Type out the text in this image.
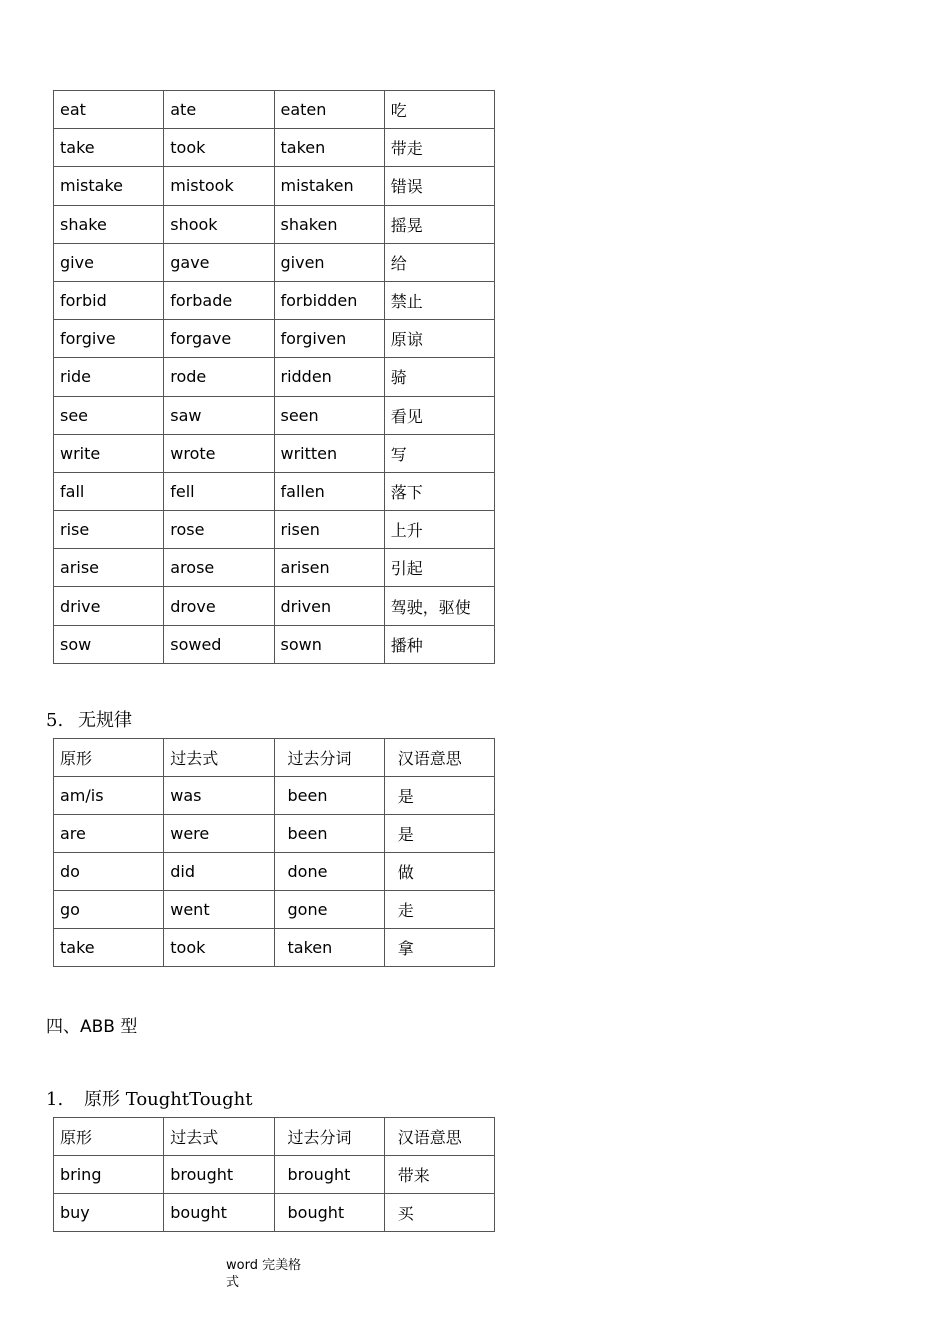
eat	ate	eaten	吃
take	took	taken	带走
mistake	mistook	mistaken	错误
shake	shook	shaken	摇晃
give	gave	given	给
forbid	forbade	forbidden	禁止
forgive	forgave	forgiven	原谅
ride	rode	ridden	骑
see	saw	seen	看见
write	wrote	written	写
fall	fell	fallen	落下
rise	rose	risen	上升
arise	arose	arisen	引起
drive	drove	driven	驾驶，驱使
sow	sowed	sown	播种
5. 无规律
原形	过去式	过去分词	汉语意思
am/is	was	been	是
are	were	been	是
do	did	done	做
go	went	gone	走
take	took	taken	拿
四、ABB 型
1. 原形 ToughtTought
原形	过去式	过去分词	汉语意思
bring	brought	brought	带来
buy	bought	bought	买
word 完美格式
